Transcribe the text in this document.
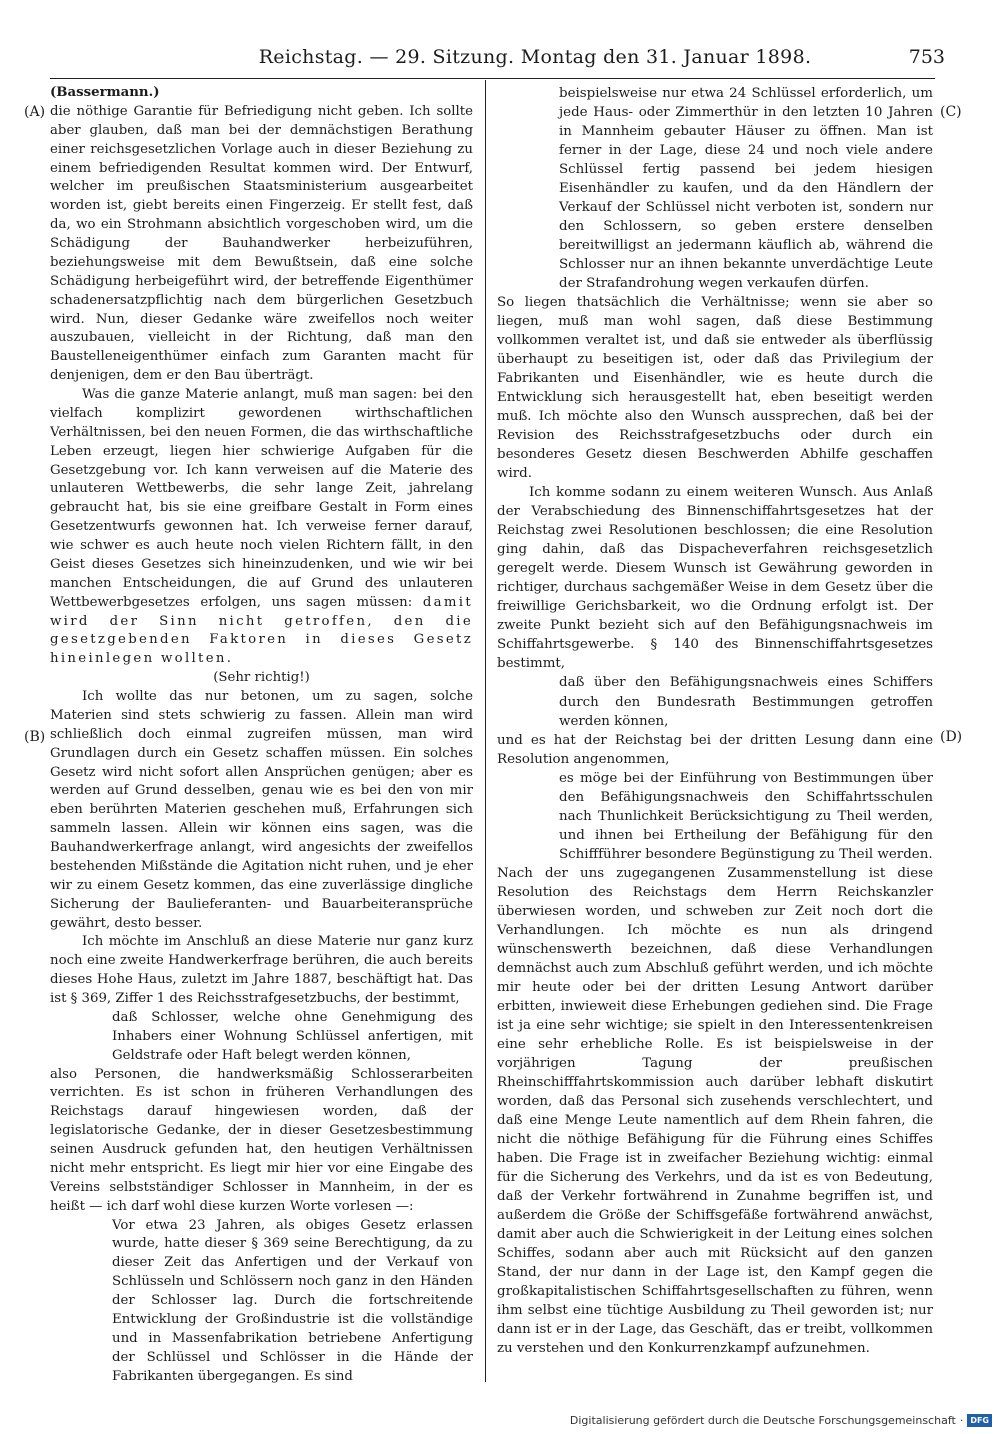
Reichstag. — 29. Sitzung. Montag den 31. Januar 1898.	753
(A)
(B)
(C)
(D)

(Bassermann.)

die nöthige Garantie für Befriedigung nicht geben. Ich sollte aber glauben, daß man bei der demnächstigen Berathung einer reichsgesetzlichen Vorlage auch in dieser Beziehung zu einem befriedigenden Resultat kommen wird. Der Entwurf, welcher im preußischen Staatsministerium ausgearbeitet worden ist, giebt bereits einen Fingerzeig. Er stellt fest, daß da, wo ein Strohmann absichtlich vorgeschoben wird, um die Schädigung der Bauhandwerker herbeizuführen, beziehungsweise mit dem Bewußtsein, daß eine solche Schädigung herbeigeführt wird, der betreffende Eigenthümer schadenersatzpflichtig nach dem bürgerlichen Gesetzbuch wird. Nun, dieser Gedanke wäre zweifellos noch weiter auszubauen, vielleicht in der Richtung, daß man den Baustelleneigenthümer einfach zum Garanten macht für denjenigen, dem er den Bau überträgt.

Was die ganze Materie anlangt, muß man sagen: bei den vielfach komplizirt gewordenen wirthschaftlichen Verhältnissen, bei den neuen Formen, die das wirthschaftliche Leben erzeugt, liegen hier schwierige Aufgaben für die Gesetzgebung vor. Ich kann verweisen auf die Materie des unlauteren Wettbewerbs, die sehr lange Zeit, jahrelang gebraucht hat, bis sie eine greifbare Gestalt in Form eines Gesetzentwurfs gewonnen hat. Ich verweise ferner darauf, wie schwer es auch heute noch vielen Richtern fällt, in den Geist dieses Gesetzes sich hineinzudenken, und wie wir bei manchen Entscheidungen, die auf Grund des unlauteren Wettbewerbgesetzes erfolgen, uns sagen müssen: damit wird der Sinn nicht getroffen, den die gesetzgebenden Faktoren in dieses Gesetz hineinlegen wollten.

(Sehr richtig!)

Ich wollte das nur betonen, um zu sagen, solche Materien sind stets schwierig zu fassen. Allein man wird schließlich doch einmal zugreifen müssen, man wird Grundlagen durch ein Gesetz schaffen müssen. Ein solches Gesetz wird nicht sofort allen Ansprüchen genügen; aber es werden auf Grund desselben, genau wie es bei den von mir eben berührten Materien geschehen muß, Erfahrungen sich sammeln lassen. Allein wir können eins sagen, was die Bauhandwerkerfrage anlangt, wird angesichts der zweifellos bestehenden Mißstände die Agitation nicht ruhen, und je eher wir zu einem Gesetz kommen, das eine zuverlässige dingliche Sicherung der Baulieferanten- und Bauarbeiteransprüche gewährt, desto besser.

Ich möchte im Anschluß an diese Materie nur ganz kurz noch eine zweite Handwerkerfrage berühren, die auch bereits dieses Hohe Haus, zuletzt im Jahre 1887, beschäftigt hat. Das ist § 369, Ziffer 1 des Reichsstrafgesetzbuchs, der bestimmt,

daß Schlosser, welche ohne Genehmigung des Inhabers einer Wohnung Schlüssel anfertigen, mit Geldstrafe oder Haft belegt werden können,

also Personen, die handwerksmäßig Schlosserarbeiten verrichten. Es ist schon in früheren Verhandlungen des Reichstags darauf hingewiesen worden, daß der legislatorische Gedanke, der in dieser Gesetzesbestimmung seinen Ausdruck gefunden hat, den heutigen Verhältnissen nicht mehr entspricht. Es liegt mir hier vor eine Eingabe des Vereins selbstständiger Schlosser in Mannheim, in der es heißt — ich darf wohl diese kurzen Worte vorlesen —:

Vor etwa 23 Jahren, als obiges Gesetz erlassen wurde, hatte dieser § 369 seine Berechtigung, da zu dieser Zeit das Anfertigen und der Verkauf von Schlüsseln und Schlössern noch ganz in den Händen der Schlosser lag. Durch die fortschreitende Entwicklung der Großindustrie ist die vollständige und in Massenfabrikation betriebene Anfertigung der Schlüssel und Schlösser in die Hände der Fabrikanten übergegangen. Es sind

beispielsweise nur etwa 24 Schlüssel erforderlich, um jede Haus- oder Zimmerthür in den letzten 10 Jahren in Mannheim gebauter Häuser zu öffnen. Man ist ferner in der Lage, diese 24 und noch viele andere Schlüssel fertig passend bei jedem hiesigen Eisenhändler zu kaufen, und da den Händlern der Verkauf der Schlüssel nicht verboten ist, sondern nur den Schlossern, so geben erstere denselben bereitwilligst an jedermann käuflich ab, während die Schlosser nur an ihnen bekannte unverdächtige Leute der Strafandrohung wegen verkaufen dürfen.

So liegen thatsächlich die Verhältnisse; wenn sie aber so liegen, muß man wohl sagen, daß diese Bestimmung vollkommen veraltet ist, und daß sie entweder als überflüssig überhaupt zu beseitigen ist, oder daß das Privilegium der Fabrikanten und Eisenhändler, wie es heute durch die Entwicklung sich herausgestellt hat, eben beseitigt werden muß. Ich möchte also den Wunsch aussprechen, daß bei der Revision des Reichsstrafgesetzbuchs oder durch ein besonderes Gesetz diesen Beschwerden Abhilfe geschaffen wird.

Ich komme sodann zu einem weiteren Wunsch. Aus Anlaß der Verabschiedung des Binnenschiffahrtsgesetzes hat der Reichstag zwei Resolutionen beschlossen; die eine Resolution ging dahin, daß das Dispacheverfahren reichsgesetzlich geregelt werde. Diesem Wunsch ist Gewährung geworden in richtiger, durchaus sachgemäßer Weise in dem Gesetz über die freiwillige Gerichsbarkeit, wo die Ordnung erfolgt ist. Der zweite Punkt bezieht sich auf den Befähigungsnachweis im Schiffahrtsgewerbe. § 140 des Binnenschiffahrtsgesetzes bestimmt,

daß über den Befähigungsnachweis eines Schiffers durch den Bundesrath Bestimmungen getroffen werden können,

und es hat der Reichstag bei der dritten Lesung dann eine Resolution angenommen,

es möge bei der Einführung von Bestimmungen über den Befähigungsnachweis den Schiffahrtsschulen nach Thunlichkeit Berücksichtigung zu Theil werden, und ihnen bei Ertheilung der Befähigung für den Schiffführer besondere Begünstigung zu Theil werden.

Nach der uns zugegangenen Zusammenstellung ist diese Resolution des Reichstags dem Herrn Reichskanzler überwiesen worden, und schweben zur Zeit noch dort die Verhandlungen. Ich möchte es nun als dringend wünschenswerth bezeichnen, daß diese Verhandlungen demnächst auch zum Abschluß geführt werden, und ich möchte mir heute oder bei der dritten Lesung Antwort darüber erbitten, inwieweit diese Erhebungen gediehen sind. Die Frage ist ja eine sehr wichtige; sie spielt in den Interessentenkreisen eine sehr erhebliche Rolle. Es ist beispielsweise in der vorjährigen Tagung der preußischen Rheinschifffahrtskommission auch darüber lebhaft diskutirt worden, daß das Personal sich zusehends verschlechtert, und daß eine Menge Leute namentlich auf dem Rhein fahren, die nicht die nöthige Befähigung für die Führung eines Schiffes haben. Die Frage ist in zweifacher Beziehung wichtig: einmal für die Sicherung des Verkehrs, und da ist es von Bedeutung, daß der Verkehr fortwährend in Zunahme begriffen ist, und außerdem die Größe der Schiffsgefäße fortwährend anwächst, damit aber auch die Schwierigkeit in der Leitung eines solchen Schiffes, sodann aber auch mit Rücksicht auf den ganzen Stand, der nur dann in der Lage ist, den Kampf gegen die großkapitalistischen Schiffahrtsgesellschaften zu führen, wenn ihm selbst eine tüchtige Ausbildung zu Theil geworden ist; nur dann ist er in der Lage, das Geschäft, das er treibt, vollkommen zu verstehen und den Konkurrenzkampf aufzunehmen.

Digitalisierung gefördert durch die Deutsche Forschungsgemeinschaft · DFG
